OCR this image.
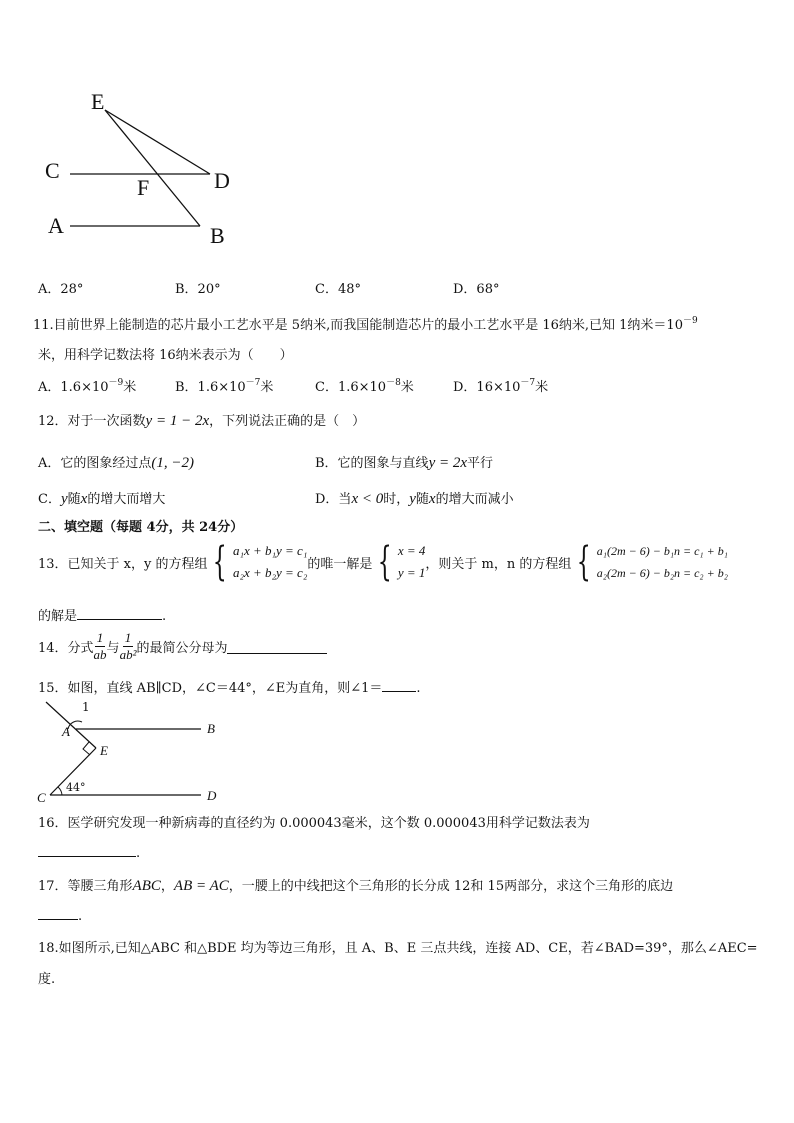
E
C
F	D
A	B
A．28°	B．20°	C．48°	D．68°
11.目前世界上能制造的芯片最小工艺水平是 5纳米,而我国能制造芯片的最小工艺水平是 16纳米,已知 1纳米$=10^{-9}$
米，用科学记数法将 16纳米表示为（　　）
A．$1.6\times 10^{-9}$米	B．$1.6\times 10^{-7}$米	C．$1.6\times 10^{-8}$米	D．$16\times 10^{-7}$米
12．对于一次函数y = 1 − 2x，下列说法正确的是（　）
A．它的图象经过点(1, −2)	B．它的图象与直线y = 2x平行
C．y随x的增大而增大	D．当x < 0时，y随x的增大而减小
二、填空题（每题 4分，共 24分）
13．已知关于 x，y 的方程组 { a₁x + b₁y = c₁
a₂x + b₂y = c₂
的唯一解是 { x = 4
y = 1
，则关于 m，n 的方程组 { a₁(2m − 6) − b₁n = c₁ + b₁
a₂(2m − 6) − b₂n = c₂ + b₂
的解是	.
14．分式 $\frac{1}{ab}$ 与 $\frac{1}{\text{ab²}}$ 的最简公分母为
15．如图，直线 AB∥CD，∠C＝44°，∠E为直角，则∠1＝	.
1
A	B
E
C	D
44°
16．医学研究发现一种新病毒的直径约为 0.000043毫米，这个数 0.000043用科学记数法表为
.
17．等腰三角形ABC，AB = AC，一腰上的中线把这个三角形的长分成 12和 15两部分，求这个三角形的底边
.
18.如图所示,已知△ABC 和△BDE 均为等边三角形，且 A、B、E 三点共线，连接 AD、CE，若∠BAD=39°，那么∠AEC=
度.
